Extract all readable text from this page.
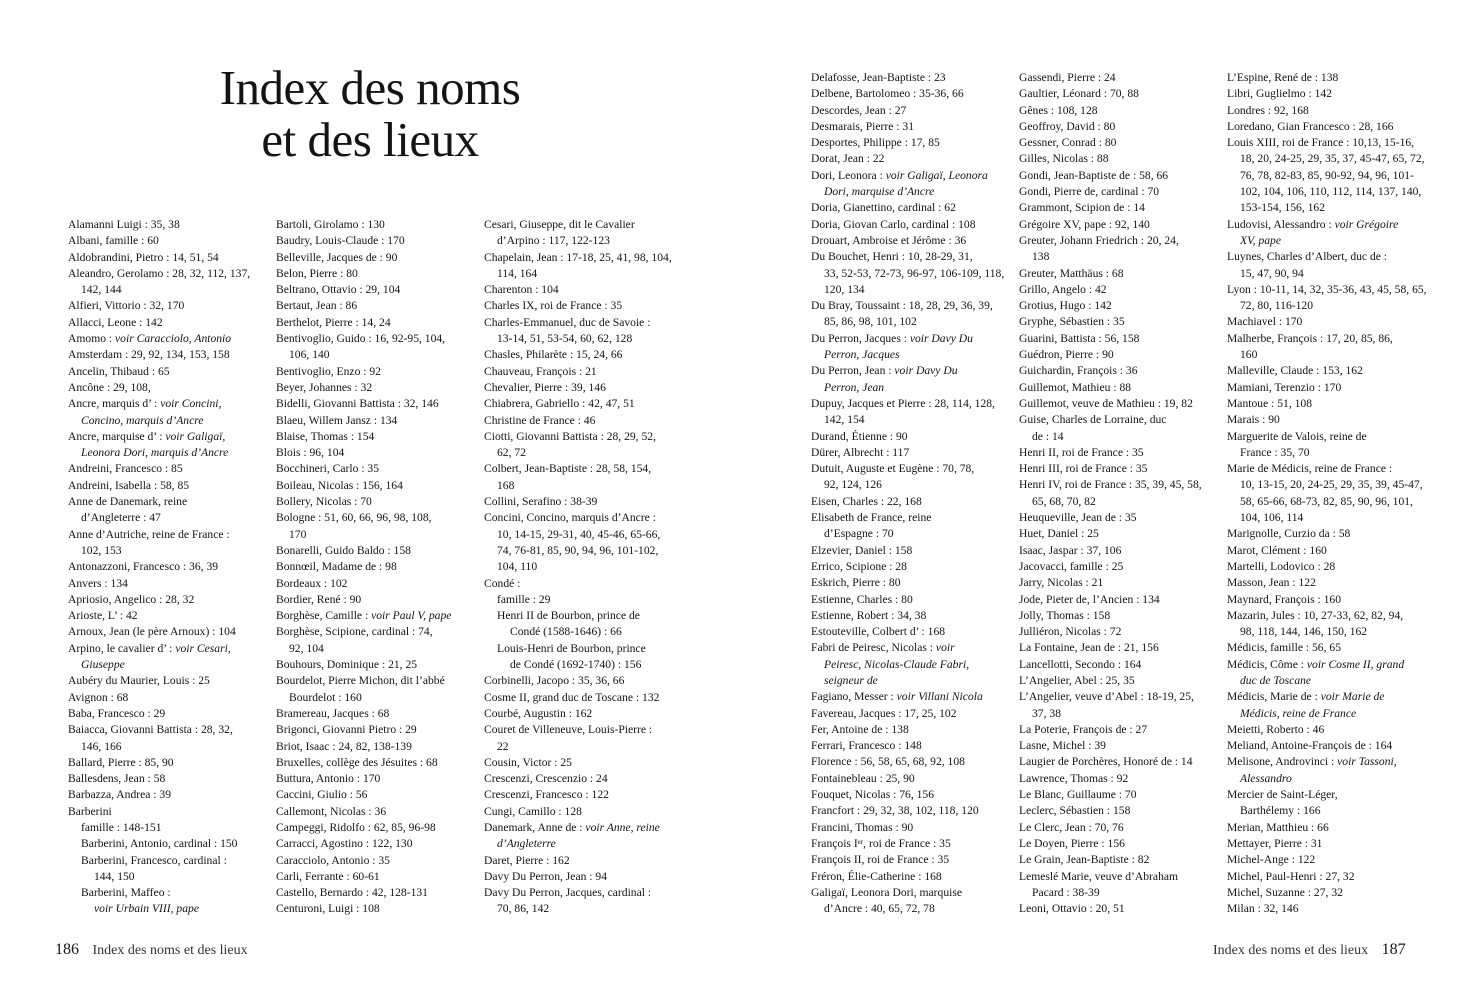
Index des noms
et des lieux
Alamanni Luigi : 35, 38
Albani, famille : 60
Aldobrandini, Pietro : 14, 51, 54
Aleandro, Gerolamo : 28, 32, 112, 137,
142, 144
Alfieri, Vittorio : 32, 170
Allacci, Leone : 142
Amomo : voir Caracciolo, Antonio
Amsterdam : 29, 92, 134, 153, 158
Ancelin, Thibaud : 65
Ancône : 29, 108,
Ancre, marquis d’ : voir Concini,
Concino, marquis d’Ancre
Ancre, marquise d’ : voir Galigaï,
Leonora Dori, marquis d’Ancre
Andreini, Francesco : 85
Andreini, Isabella : 58, 85
Anne de Danemark, reine
d’Angleterre : 47
Anne d’Autriche, reine de France :
102, 153
Antonazzoni, Francesco : 36, 39
Anvers : 134
Apriosio, Angelico : 28, 32
Arioste, L’ : 42
Arnoux, Jean (le père Arnoux) : 104
Arpino, le cavalier d’ : voir Cesari,
Giuseppe
Aubéry du Maurier, Louis : 25
Avignon : 68
Baba, Francesco : 29
Baiacca, Giovanni Battista : 28, 32,
146, 166
Ballard, Pierre : 85, 90
Ballesdens, Jean : 58
Barbazza, Andrea : 39
Barberini
famille : 148-151
Barberini, Antonio, cardinal : 150
Barberini, Francesco, cardinal :
144, 150
Barberini, Maffeo :
voir Urbain VIII, pape
Bartoli, Girolamo : 130
Baudry, Louis-Claude : 170
Belleville, Jacques de : 90
Belon, Pierre : 80
Beltrano, Ottavio : 29, 104
Bertaut, Jean : 86
Berthelot, Pierre : 14, 24
Bentivoglio, Guido : 16, 92-95, 104,
106, 140
Bentivoglio, Enzo : 92
Beyer, Johannes : 32
Bidelli, Giovanni Battista : 32, 146
Blaeu, Willem Jansz : 134
Blaise, Thomas : 154
Blois : 96, 104
Bocchineri, Carlo : 35
Boileau, Nicolas : 156, 164
Bollery, Nicolas : 70
Bologne : 51, 60, 66, 96, 98, 108,
170
Bonarelli, Guido Baldo : 158
Bonnœil, Madame de : 98
Bordeaux : 102
Bordier, René : 90
Borghèse, Camille : voir Paul V, pape
Borghèse, Scipione, cardinal : 74,
92, 104
Bouhours, Dominique : 21, 25
Bourdelot, Pierre Michon, dit l’abbé
Bourdelot : 160
Bramereau, Jacques : 68
Brigonci, Giovanni Pietro : 29
Briot, Isaac : 24, 82, 138-139
Bruxelles, collège des Jésuites : 68
Buttura, Antonio : 170
Caccini, Giulio : 56
Callemont, Nicolas : 36
Campeggi, Ridolfo : 62, 85, 96-98
Carracci, Agostino : 122, 130
Caracciolo, Antonio : 35
Carli, Ferrante : 60-61
Castello, Bernardo : 42, 128-131
Centuroni, Luigi : 108
Cesari, Giuseppe, dit le Cavalier
d’Arpino : 117, 122-123
Chapelain, Jean : 17-18, 25, 41, 98, 104,
114, 164
Charenton : 104
Charles IX, roi de France : 35
Charles-Emmanuel, duc de Savoie :
13-14, 51, 53-54, 60, 62, 128
Chasles, Philarète : 15, 24, 66
Chauveau, François : 21
Chevalier, Pierre : 39, 146
Chiabrera, Gabriello : 42, 47, 51
Christine de France : 46
Ciotti, Giovanni Battista : 28, 29, 52,
62, 72
Colbert, Jean-Baptiste : 28, 58, 154,
168
Collini, Serafino : 38-39
Concini, Concino, marquis d’Ancre :
10, 14-15, 29-31, 40, 45-46, 65-66,
74, 76-81, 85, 90, 94, 96, 101-102,
104, 110
Condé :
famille : 29
Henri II de Bourbon, prince de
Condé (1588-1646) : 66
Louis-Henri de Bourbon, prince
de Condé (1692-1740) : 156
Corbinelli, Jacopo : 35, 36, 66
Cosme II, grand duc de Toscane : 132
Courbé, Augustin : 162
Couret de Villeneuve, Louis-Pierre :
22
Cousin, Victor : 25
Crescenzi, Crescenzio : 24
Crescenzi, Francesco : 122
Cungi, Camillo : 128
Danemark, Anne de : voir Anne, reine
d’Angleterre
Daret, Pierre : 162
Davy Du Perron, Jean : 94
Davy Du Perron, Jacques, cardinal :
70, 86, 142
186 Index des noms et des lieux
Delafosse, Jean-Baptiste : 23
Delbene, Bartolomeo : 35-36, 66
Descordes, Jean : 27
Desmarais, Pierre : 31
Desportes, Philippe : 17, 85
Dorat, Jean : 22
Dori, Leonora : voir Galigaï, Leonora
Dori, marquise d’Ancre
Doria, Gianettino, cardinal : 62
Doria, Giovan Carlo, cardinal : 108
Drouart, Ambroise et Jérôme : 36
Du Bouchet, Henri : 10, 28-29, 31,
33, 52-53, 72-73, 96-97, 106-109, 118,
120, 134
Du Bray, Toussaint : 18, 28, 29, 36, 39,
85, 86, 98, 101, 102
Du Perron, Jacques : voir Davy Du
Perron, Jacques
Du Perron, Jean : voir Davy Du
Perron, Jean
Dupuy, Jacques et Pierre : 28, 114, 128,
142, 154
Durand, Étienne : 90
Dürer, Albrecht : 117
Dutuit, Auguste et Eugène : 70, 78,
92, 124, 126
Eisen, Charles : 22, 168
Elisabeth de France, reine
d’Espagne : 70
Elzevier, Daniel : 158
Errico, Scipione : 28
Eskrich, Pierre : 80
Estienne, Charles : 80
Estienne, Robert : 34, 38
Estouteville, Colbert d’ : 168
Fabri de Peiresc, Nicolas : voir
Peiresc, Nicolas-Claude Fabri,
seigneur de
Fagiano, Messer : voir Villani Nicola
Favereau, Jacques : 17, 25, 102
Fer, Antoine de : 138
Ferrari, Francesco : 148
Florence : 56, 58, 65, 68, 92, 108
Fontainebleau : 25, 90
Fouquet, Nicolas : 76, 156
Francfort : 29, 32, 38, 102, 118, 120
Francini, Thomas : 90
François Iᵉʳ, roi de France : 35
François II, roi de France : 35
Fréron, Élie-Catherine : 168
Galigaï, Leonora Dori, marquise
d’Ancre : 40, 65, 72, 78
Gassendi, Pierre : 24
Gaultier, Léonard : 70, 88
Gênes : 108, 128
Geoffroy, David : 80
Gessner, Conrad : 80
Gilles, Nicolas : 88
Gondi, Jean-Baptiste de : 58, 66
Gondi, Pierre de, cardinal : 70
Grammont, Scipion de : 14
Grégoire XV, pape : 92, 140
Greuter, Johann Friedrich : 20, 24,
138
Greuter, Matthäus : 68
Grillo, Angelo : 42
Grotius, Hugo : 142
Gryphe, Sébastien : 35
Guarini, Battista : 56, 158
Guédron, Pierre : 90
Guichardin, François : 36
Guillemot, Mathieu : 88
Guillemot, veuve de Mathieu : 19, 82
Guise, Charles de Lorraine, duc
de : 14
Henri II, roi de France : 35
Henri III, roi de France : 35
Henri IV, roi de France : 35, 39, 45, 58,
65, 68, 70, 82
Heuqueville, Jean de : 35
Huet, Daniel : 25
Isaac, Jaspar : 37, 106
Jacovacci, famille : 25
Jarry, Nicolas : 21
Jode, Pieter de, l’Ancien : 134
Jolly, Thomas : 158
Julliéron, Nicolas : 72
La Fontaine, Jean de : 21, 156
Lancellotti, Secondo : 164
L’Angelier, Abel : 25, 35
L’Angelier, veuve d’Abel : 18-19, 25,
37, 38
La Poterie, François de : 27
Lasne, Michel : 39
Laugier de Porchères, Honoré de : 14
Lawrence, Thomas : 92
Le Blanc, Guillaume : 70
Leclerc, Sébastien : 158
Le Clerc, Jean : 70, 76
Le Doyen, Pierre : 156
Le Grain, Jean-Baptiste : 82
Lemeslé Marie, veuve d’Abraham
Pacard : 38-39
Leoni, Ottavio : 20, 51
L’Espine, René de : 138
Libri, Guglielmo : 142
Londres : 92, 168
Loredano, Gian Francesco : 28, 166
Louis XIII, roi de France : 10,13, 15-16,
18, 20, 24-25, 29, 35, 37, 45-47, 65, 72,
76, 78, 82-83, 85, 90-92, 94, 96, 101-
102, 104, 106, 110, 112, 114, 137, 140,
153-154, 156, 162
Ludovisi, Alessandro : voir Grégoire
XV, pape
Luynes, Charles d’Albert, duc de :
15, 47, 90, 94
Lyon : 10-11, 14, 32, 35-36, 43, 45, 58, 65,
72, 80, 116-120
Machiavel : 170
Malherbe, François : 17, 20, 85, 86,
160
Malleville, Claude : 153, 162
Mamiani, Terenzio : 170
Mantoue : 51, 108
Marais : 90
Marguerite de Valois, reine de
France : 35, 70
Marie de Médicis, reine de France :
10, 13-15, 20, 24-25, 29, 35, 39, 45-47,
58, 65-66, 68-73, 82, 85, 90, 96, 101,
104, 106, 114
Marignolle, Curzio da : 58
Marot, Clément : 160
Martelli, Lodovico : 28
Masson, Jean : 122
Maynard, François : 160
Mazarin, Jules : 10, 27-33, 62, 82, 94,
98, 118, 144, 146, 150, 162
Médicis, famille : 56, 65
Médicis, Côme : voir Cosme II, grand
duc de Toscane
Médicis, Marie de : voir Marie de
Médicis, reine de France
Meietti, Roberto : 46
Meliand, Antoine-François de : 164
Melisone, Androvinci : voir Tassoni,
Alessandro
Mercier de Saint-Léger,
Barthélemy : 166
Merian, Matthieu : 66
Mettayer, Pierre : 31
Michel-Ange : 122
Michel, Paul-Henri : 27, 32
Michel, Suzanne : 27, 32
Milan : 32, 146
Index des noms et des lieux 187
